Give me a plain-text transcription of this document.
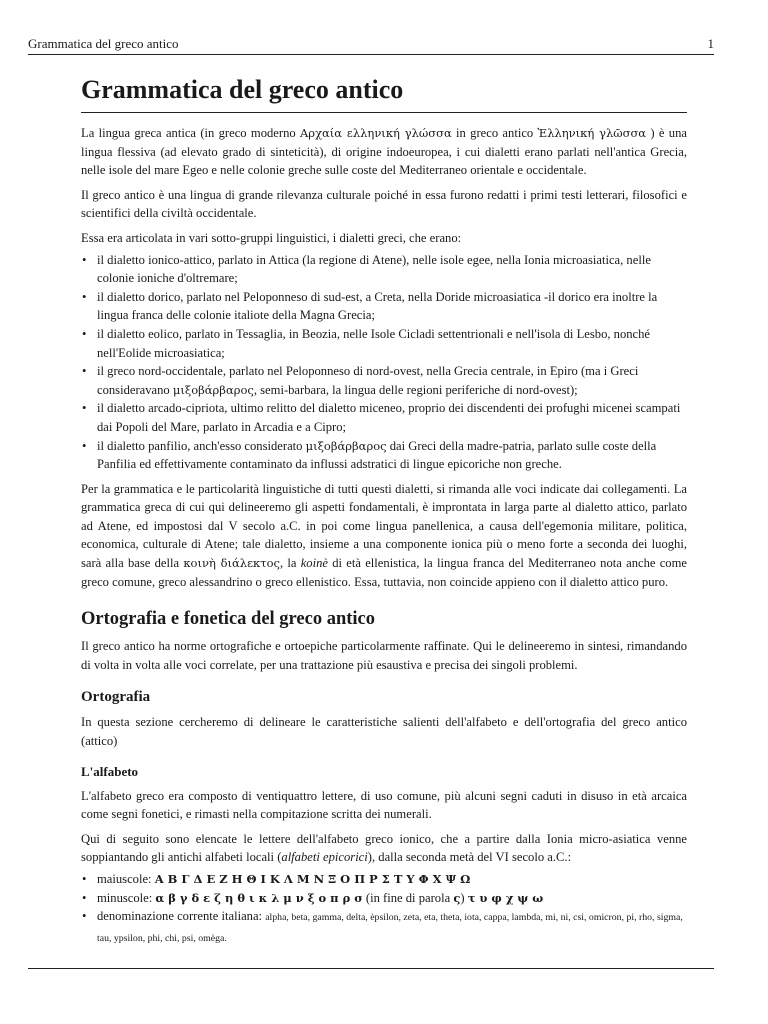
Grammatica del greco antico	1
Grammatica del greco antico

La lingua greca antica (in greco moderno Αρχαία ελληνική γλώσσα in greco antico Ἑλληνική γλῶσσα ) è una lingua flessiva (ad elevato grado di sinteticità), di origine indoeuropea, i cui dialetti erano parlati nell'antica Grecia, nelle isole del mare Egeo e nelle colonie greche sulle coste del Mediterraneo orientale e occidentale.

Il greco antico è una lingua di grande rilevanza culturale poiché in essa furono redatti i primi testi letterari, filosofici e scientifici della civiltà occidentale.

Essa era articolata in vari sotto-gruppi linguistici, i dialetti greci, che erano:

• il dialetto ionico-attico, parlato in Attica (la regione di Atene), nelle isole egee, nella Ionia microasiatica, nelle colonie ioniche d'oltremare;
• il dialetto dorico, parlato nel Peloponneso di sud-est, a Creta, nella Doride microasiatica -il dorico era inoltre la lingua franca delle colonie italiote della Magna Grecia;
• il dialetto eolico, parlato in Tessaglia, in Beozia, nelle Isole Cicladi settentrionali e nell'isola di Lesbo, nonché nell'Eolide microasiatica;
• il greco nord-occidentale, parlato nel Peloponneso di nord-ovest, nella Grecia centrale, in Epiro (ma i Greci consideravano μιξοβάρβαρος, semi-barbara, la lingua delle regioni periferiche di nord-ovest);
• il dialetto arcado-cipriota, ultimo relitto del dialetto miceneo, proprio dei discendenti dei profughi micenei scampati dai Popoli del Mare, parlato in Arcadia e a Cipro;
• il dialetto panfilio, anch'esso considerato μιξοβάρβαρος dai Greci della madre-patria, parlato sulle coste della Panfilia ed effettivamente contaminato da influssi adstratici di lingue epicoriche non greche.

Per la grammatica e le particolarità linguistiche di tutti questi dialetti, si rimanda alle voci indicate dai collegamenti. La grammatica greca di cui qui delineeremo gli aspetti fondamentali, è improntata in larga parte al dialetto attico, parlato ad Atene, ed impostosi dal V secolo a.C. in poi come lingua panellenica, a causa dell'egemonia militare, politica, economica, culturale di Atene; tale dialetto, insieme a una componente ionica più o meno forte a seconda dei luoghi, sarà alla base della κοινὴ διάλεκτος, la koinè di età ellenistica, la lingua franca del Mediterraneo nota anche come greco comune, greco alessandrino o greco ellenistico. Essa, tuttavia, non coincide appieno con il dialetto attico puro.

Ortografia e fonetica del greco antico

Il greco antico ha norme ortografiche e ortoepiche particolarmente raffinate. Qui le delineeremo in sintesi, rimandando di volta in volta alle voci correlate, per una trattazione più esaustiva e precisa dei singoli problemi.

Ortografia

In questa sezione cercheremo di delineare le caratteristiche salienti dell'alfabeto e dell'ortografia del greco antico (attico)

L'alfabeto

L'alfabeto greco era composto di ventiquattro lettere, di uso comune, più alcuni segni caduti in disuso in età arcaica come segni fonetici, e rimasti nella compitazione scritta dei numerali.

Qui di seguito sono elencate le lettere dell'alfabeto greco ionico, che a partire dalla Ionia micro-asiatica venne soppiantando gli antichi alfabeti locali (alfabeti epicorici), dalla seconda metà del VI secolo a.C.:

• maiuscole: Α Β Γ Δ Ε Ζ Η Θ Ι Κ Λ Μ Ν Ξ Ο Π Ρ Σ Τ Υ Φ Χ Ψ Ω
• minuscole: α β γ δ ε ζ η θ ι κ λ μ ν ξ ο π ρ σ (in fine di parola ς) τ υ φ χ ψ ω
• denominazione corrente italiana: alpha, beta, gamma, delta, èpsilon, zeta, eta, theta, iota, cappa, lambda, mi, ni, csi, omicron, pi, rho, sigma, tau, ypsilon, phi, chi, psi, omèga.
